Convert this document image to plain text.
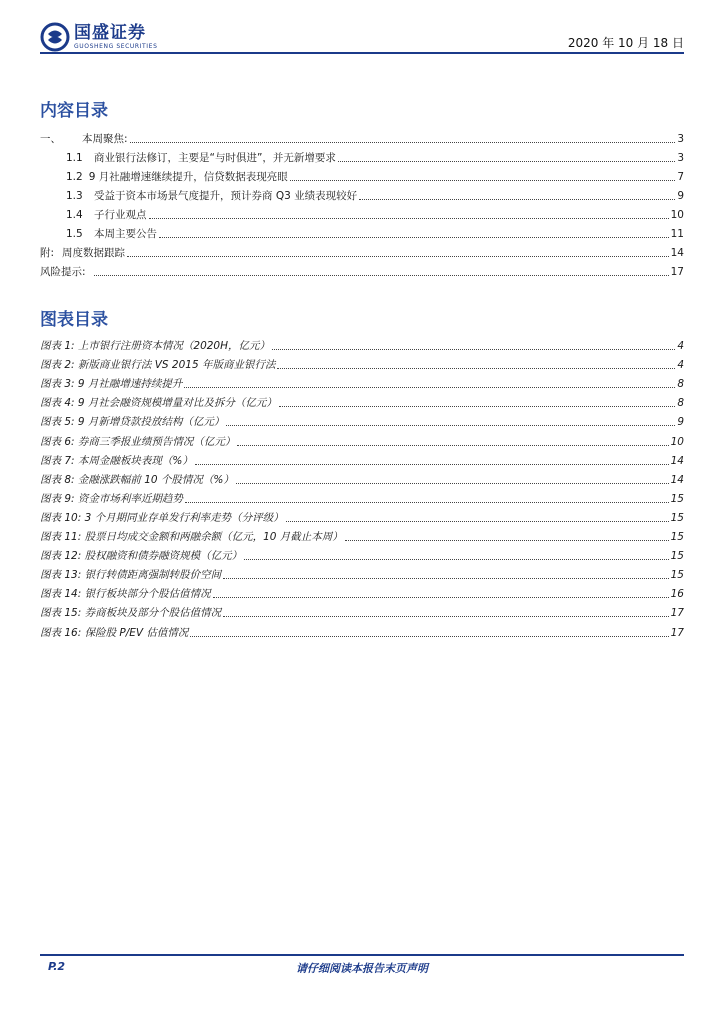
国盛证券
GUOSHENG SECURITIES	2020 年 10 月 18 日
内容目录
一、	本周聚焦:	3
1.1	商业银行法修订，主要是“与时俱进”，并无新增要求	3
1.2 9 月社融增速继续提升，信贷数据表现亮眼	7
1.3	受益于资本市场景气度提升，预计券商 Q3 业绩表现较好	9
1.4	子行业观点	10
1.5	本周主要公告	11
附: 周度数据跟踪	14
风险提示:	17
图表目录
图表 1: 上市银行注册资本情况（2020H，亿元）	4
图表 2: 新版商业银行法 VS 2015 年版商业银行法	4
图表 3: 9 月社融增速持续提升	8
图表 4: 9 月社会融资规模增量对比及拆分（亿元）	8
图表 5: 9 月新增贷款投放结构（亿元）	9
图表 6: 券商三季报业绩预告情况（亿元）	10
图表 7: 本周金融板块表现（%）	14
图表 8: 金融涨跌幅前 10 个股情况（%）	14
图表 9: 资金市场利率近期趋势	15
图表 10: 3 个月期同业存单发行利率走势（分评级）	15
图表 11: 股票日均成交金额和两融余额（亿元，10 月截止本周）	15
图表 12: 股权融资和债券融资规模（亿元）	15
图表 13: 银行转债距离强制转股价空间	15
图表 14: 银行板块部分个股估值情况	16
图表 15: 券商板块及部分个股估值情况	17
图表 16: 保险股 P/EV 估值情况	17
P.2	请仔细阅读本报告末页声明
